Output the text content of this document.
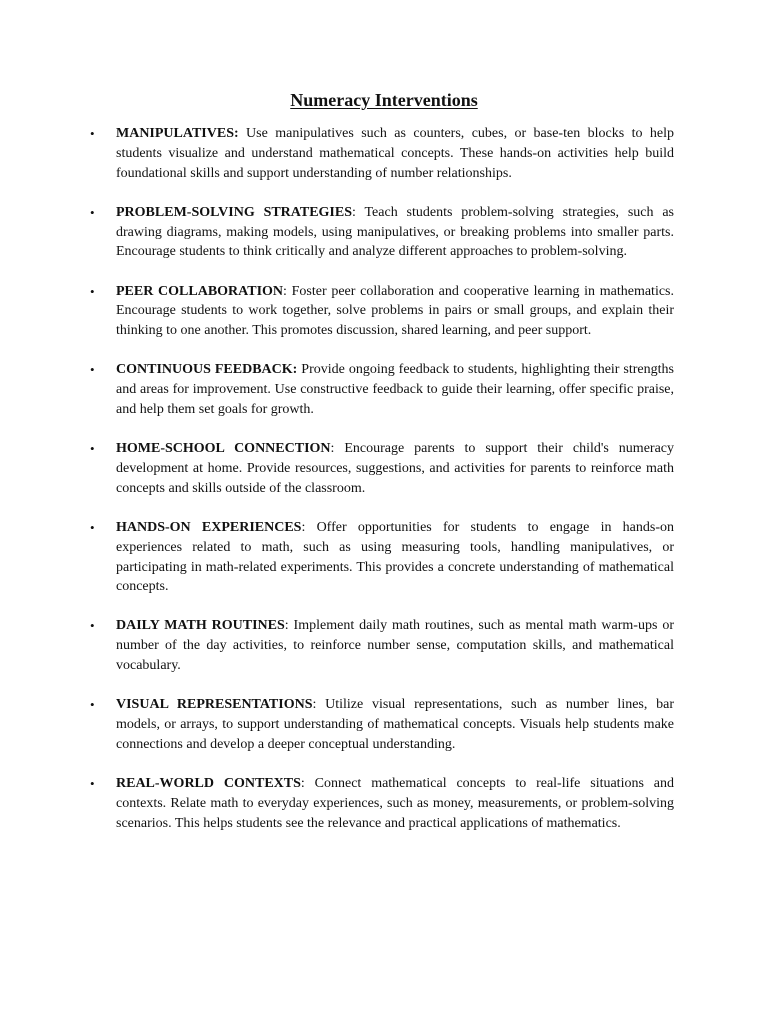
Numeracy Interventions
•	MANIPULATIVES: Use manipulatives such as counters, cubes, or base-ten blocks to help students visualize and understand mathematical concepts. These hands-on activities help build foundational skills and support understanding of number relationships.
•	PROBLEM-SOLVING STRATEGIES: Teach students problem-solving strategies, such as drawing diagrams, making models, using manipulatives, or breaking problems into smaller parts. Encourage students to think critically and analyze different approaches to problem-solving.
•	PEER COLLABORATION: Foster peer collaboration and cooperative learning in mathematics. Encourage students to work together, solve problems in pairs or small groups, and explain their thinking to one another. This promotes discussion, shared learning, and peer support.
•	CONTINUOUS FEEDBACK: Provide ongoing feedback to students, highlighting their strengths and areas for improvement. Use constructive feedback to guide their learning, offer specific praise, and help them set goals for growth.
•	HOME-SCHOOL CONNECTION: Encourage parents to support their child's numeracy development at home. Provide resources, suggestions, and activities for parents to reinforce math concepts and skills outside of the classroom.
•	HANDS-ON EXPERIENCES: Offer opportunities for students to engage in hands-on experiences related to math, such as using measuring tools, handling manipulatives, or participating in math-related experiments. This provides a concrete understanding of mathematical concepts.
•	DAILY MATH ROUTINES: Implement daily math routines, such as mental math warm-ups or number of the day activities, to reinforce number sense, computation skills, and mathematical vocabulary.
•	VISUAL REPRESENTATIONS: Utilize visual representations, such as number lines, bar models, or arrays, to support understanding of mathematical concepts. Visuals help students make connections and develop a deeper conceptual understanding.
•	REAL-WORLD CONTEXTS: Connect mathematical concepts to real-life situations and contexts. Relate math to everyday experiences, such as money, measurements, or problem-solving scenarios. This helps students see the relevance and practical applications of mathematics.
